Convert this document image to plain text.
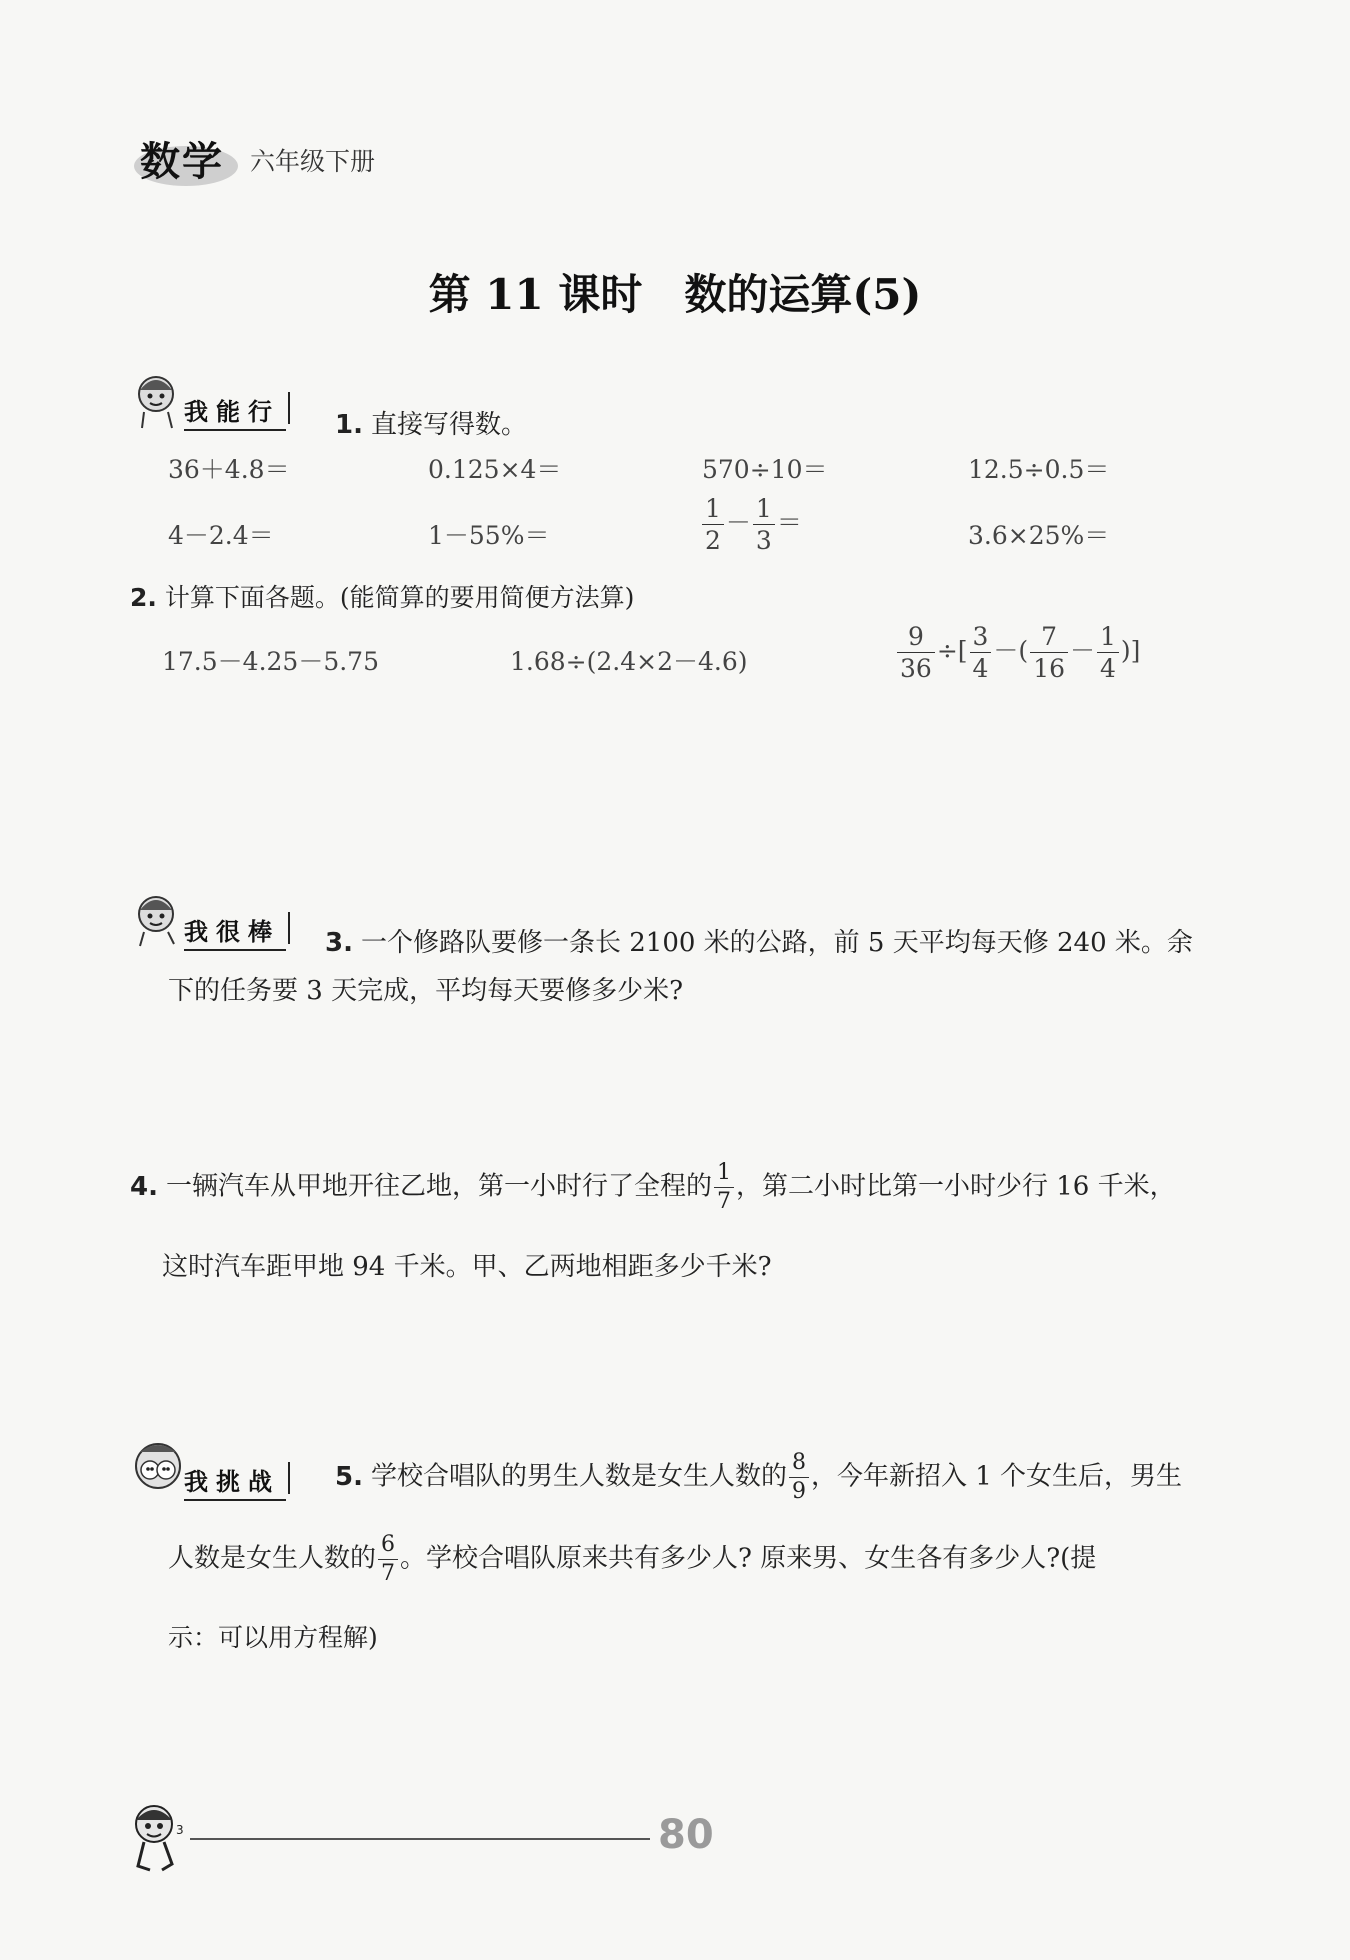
数学 六年级下册
第 11 课时　数的运算(5)
我能行 1. 直接写得数。
36＋4.8＝	0.125×4＝	570÷10＝	12.5÷0.5＝
4－2.4＝	1－55%＝	$\frac{1}{2} - \frac{1}{3}$ ＝	3.6×25%＝
2. 计算下面各题。(能简算的要用简便方法算)
17.5－4.25－5.75	1.68÷(2.4×2－4.6)	$\frac{9}{36}$ ÷[ $\frac{3}{4}$ －( $\frac{7}{16} - \frac{1}{4}$ )]
我很棒 3. 一个修路队要修一条长 2100 米的公路，前 5 天平均每天修 240 米。余
下的任务要 3 天完成，平均每天要修多少米?
4. 一辆汽车从甲地开往乙地，第一小时行了全程的 $\frac{1}{7}$ ，第二小时比第一小时少行 16 千米，
这时汽车距甲地 94 千米。甲、乙两地相距多少千米?
我挑战 5. 学校合唱队的男生人数是女生人数的 $\frac{8}{9}$ ，今年新招入 1 个女生后，男生
人数是女生人数的 $\frac{6}{7}$ 。学校合唱队原来共有多少人? 原来男、女生各有多少人?(提
示：可以用方程解)
3	80
